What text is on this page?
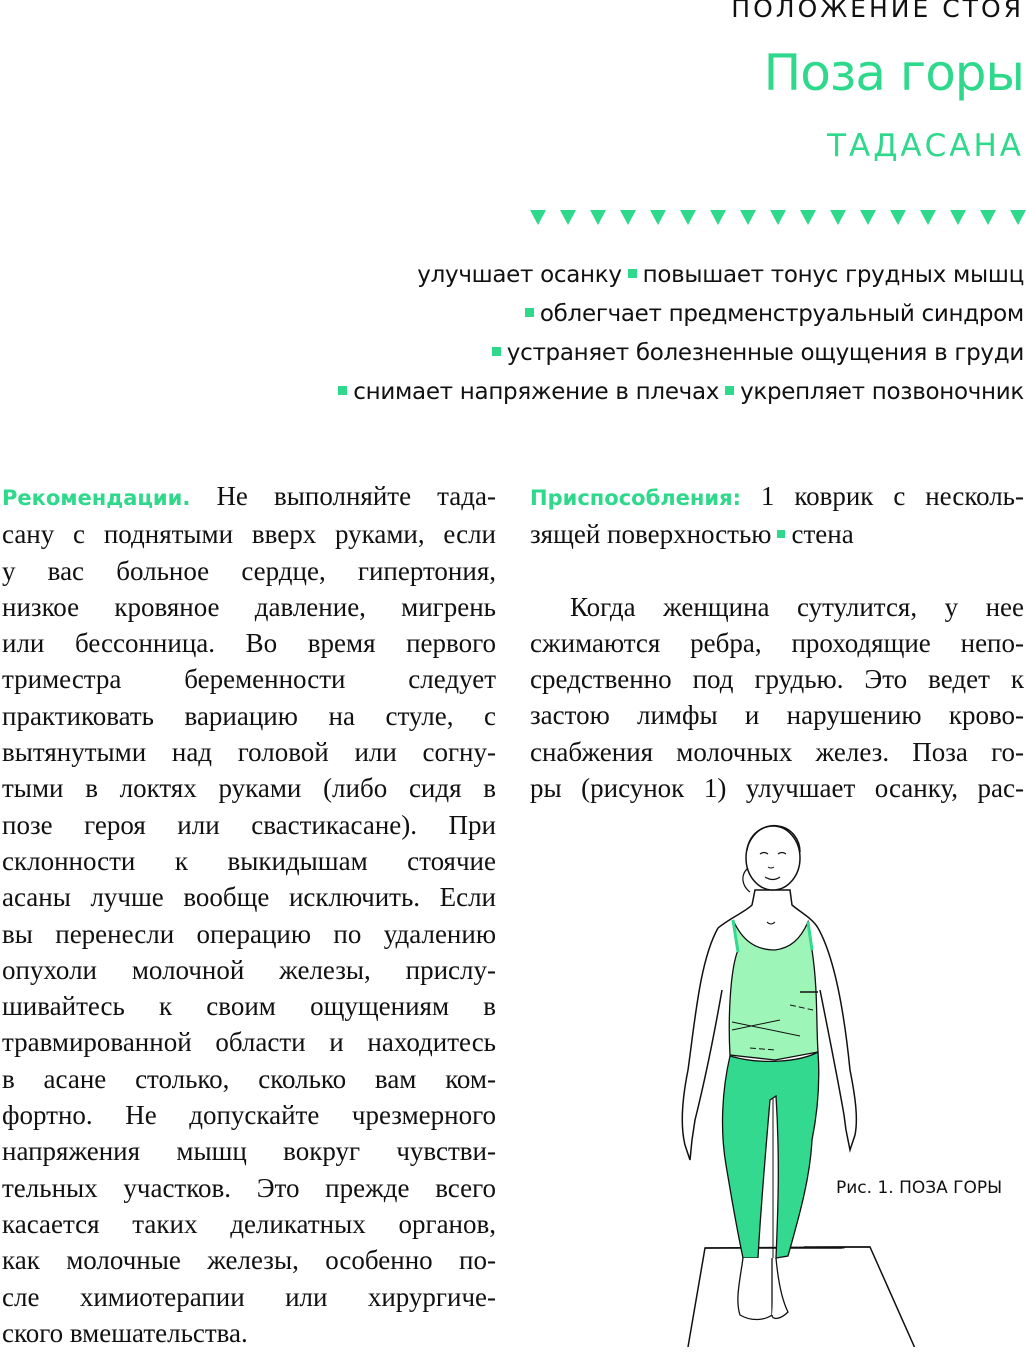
ПОЛОЖЕНИЕ СТОЯ
Поза горы
ТАДАСАНА
улучшает осанку повышает тонус грудных мышц
облегчает предменструальный синдром
устраняет болезненные ощущения в груди
снимает напряжение в плечах укрепляет позвоночник
Рекомендации. Не выполняйте тада-
сану с поднятыми вверх руками, если
у вас больное сердце, гипертония,
низкое кровяное давление, мигрень
или бессонница. Во время первого
триместра беременности следует
практиковать вариацию на стуле, с
вытянутыми над головой или согну-
тыми в локтях руками (либо сидя в
позе героя или свастикасане). При
склонности к выкидышам стоячие
асаны лучше вообще исключить. Если
вы перенесли операцию по удалению
опухоли молочной железы, прислу-
шивайтесь к своим ощущениям в
травмированной области и находитесь
в асане столько, сколько вам ком-
фортно. Не допускайте чрезмерного
напряжения мышц вокруг чувстви-
тельных участков. Это прежде всего
касается таких деликатных органов,
как молочные железы, особенно по-
сле химиотерапии или хирургиче-
ского вмешательства.
Приспособления: 1 коврик с несколь-
зящей поверхностью стена
Когда женщина сутулится, у нее
сжимаются ребра, проходящие непо-
средственно под грудью. Это ведет к
застою лимфы и нарушению крово-
снабжения молочных желез. Поза го-
ры (рисунок 1) улучшает осанку, рас-
Рис. 1. ПОЗА ГОРЫ
